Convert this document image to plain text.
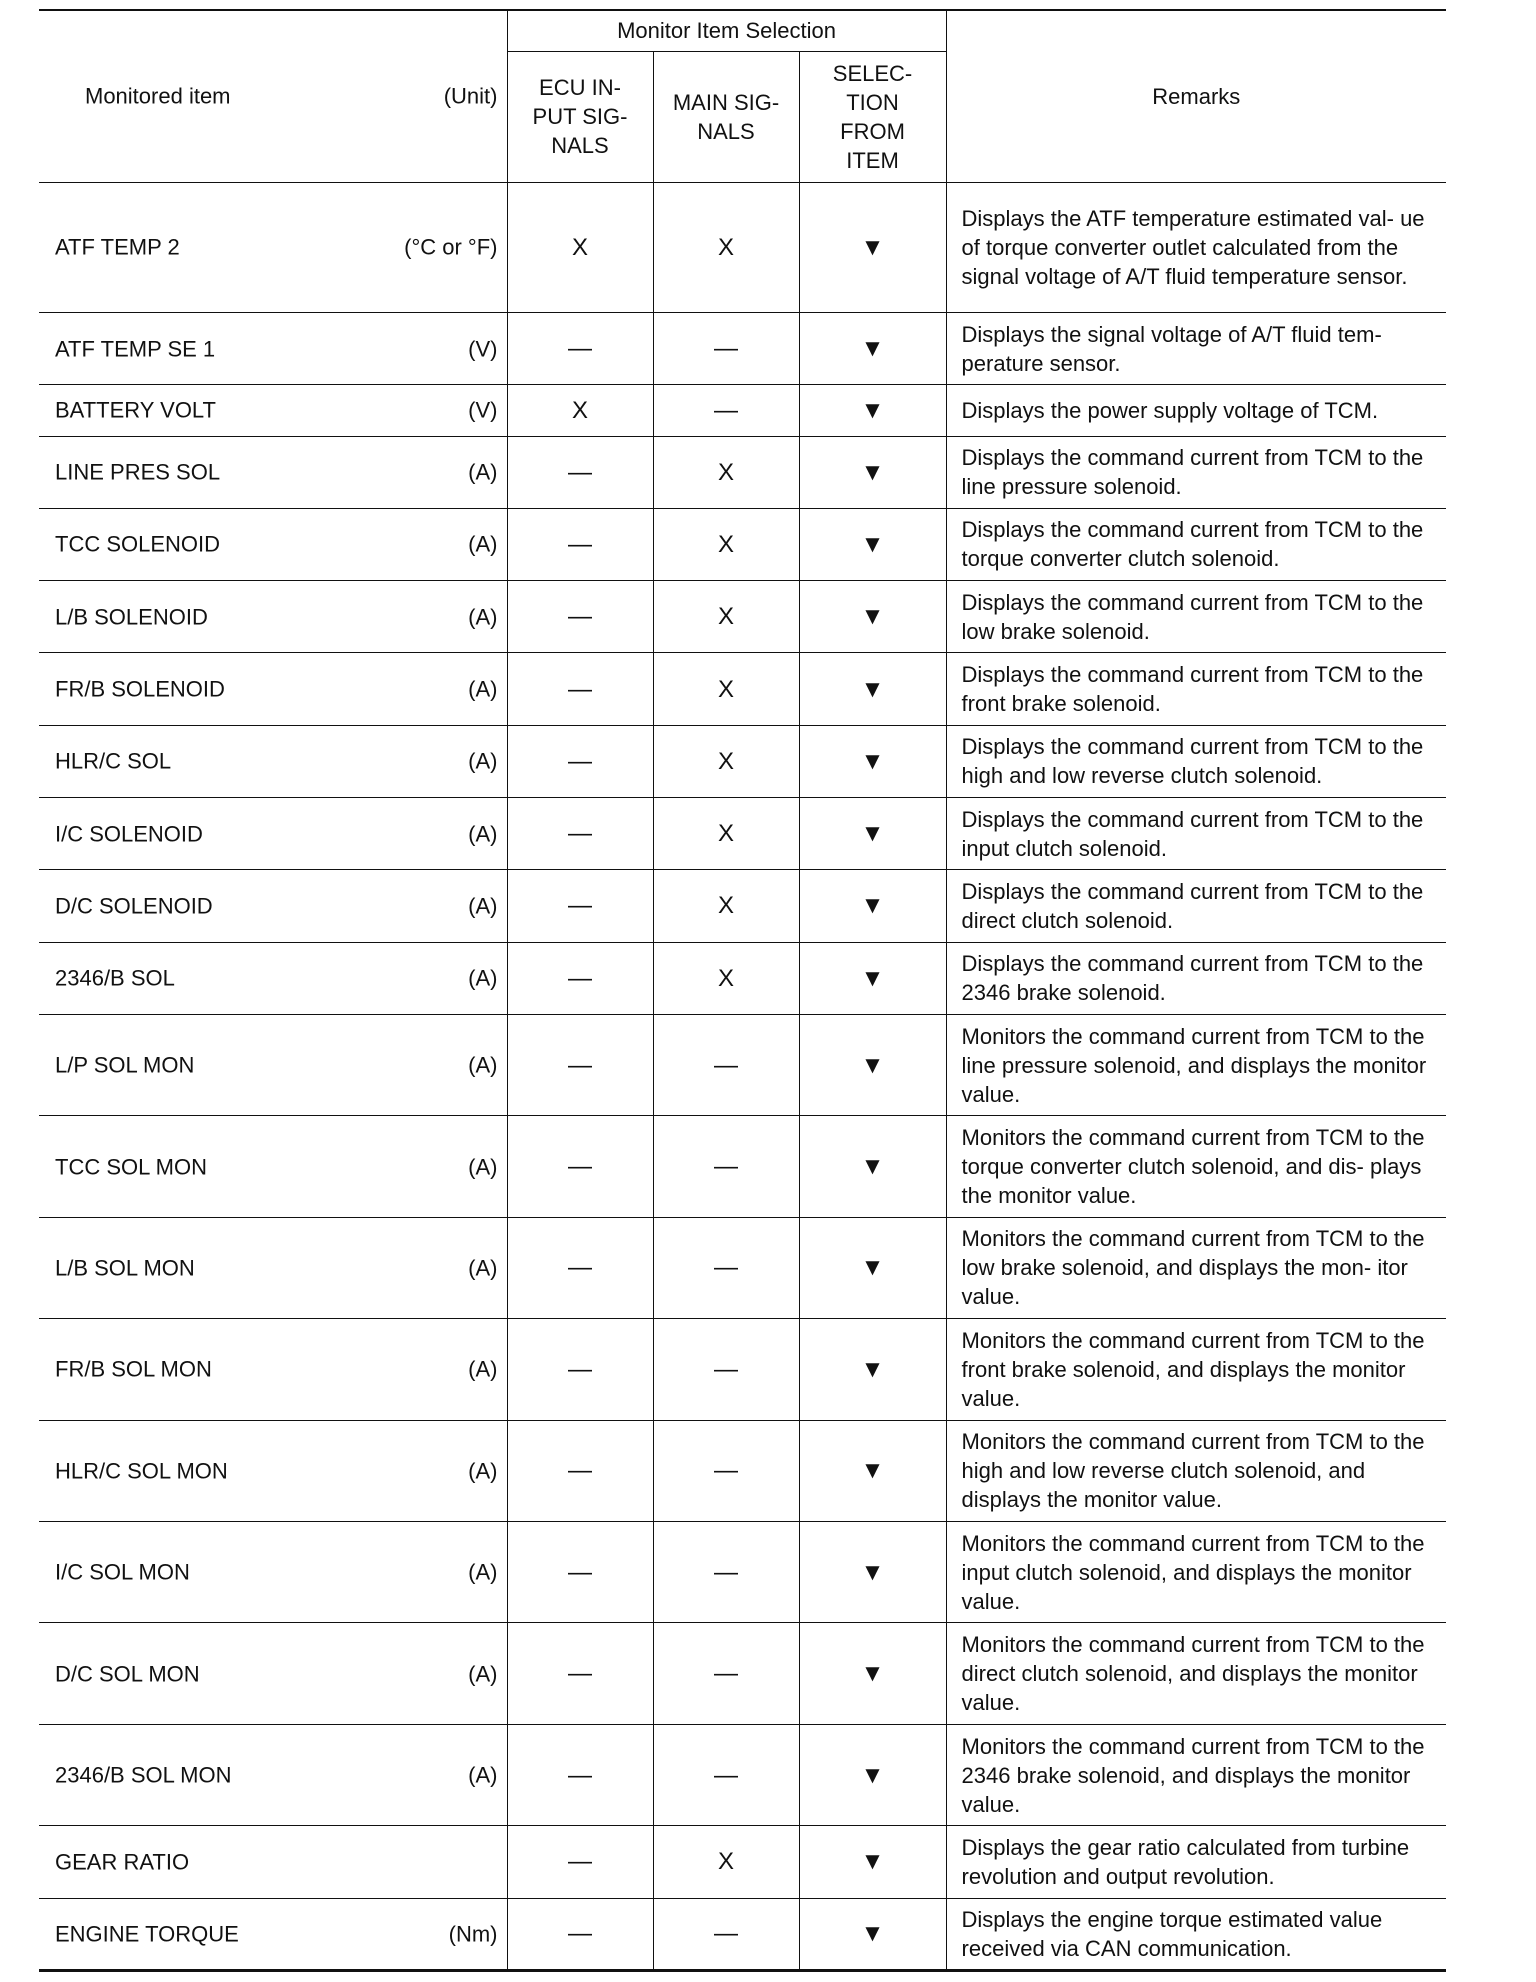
Monitored item (Unit)	Monitor Item Selection			Remarks

	ECU IN- PUT SIG- NALS	MAIN SIG- NALS	SELEC- TION FROM ITEM	

ATF TEMP 2 (°C or °F)	X	X	▼	Displays the ATF temperature estimated val- ue of torque converter outlet calculated from the signal voltage of A/T fluid temperature sensor.

ATF TEMP SE 1 (V)	—	—	▼	Displays the signal voltage of A/T fluid tem- perature sensor.

BATTERY VOLT (V)	X	—	▼	Displays the power supply voltage of TCM.

LINE PRES SOL (A)	—	X	▼	Displays the command current from TCM to the line pressure solenoid.

TCC SOLENOID (A)	—	X	▼	Displays the command current from TCM to the torque converter clutch solenoid.

L/B SOLENOID (A)	—	X	▼	Displays the command current from TCM to the low brake solenoid.

FR/B SOLENOID (A)	—	X	▼	Displays the command current from TCM to the front brake solenoid.

HLR/C SOL (A)	—	X	▼	Displays the command current from TCM to the high and low reverse clutch solenoid.

I/C SOLENOID (A)	—	X	▼	Displays the command current from TCM to the input clutch solenoid.

D/C SOLENOID (A)	—	X	▼	Displays the command current from TCM to the direct clutch solenoid.

2346/B SOL (A)	—	X	▼	Displays the command current from TCM to the 2346 brake solenoid.

L/P SOL MON (A)	—	—	▼	Monitors the command current from TCM to the line pressure solenoid, and displays the monitor value.

TCC SOL MON (A)	—	—	▼	Monitors the command current from TCM to the torque converter clutch solenoid, and dis- plays the monitor value.

L/B SOL MON (A)	—	—	▼	Monitors the command current from TCM to the low brake solenoid, and displays the mon- itor value.

FR/B SOL MON (A)	—	—	▼	Monitors the command current from TCM to the front brake solenoid, and displays the monitor value.

HLR/C SOL MON (A)	—	—	▼	Monitors the command current from TCM to the high and low reverse clutch solenoid, and displays the monitor value.

I/C SOL MON (A)	—	—	▼	Monitors the command current from TCM to the input clutch solenoid, and displays the monitor value.

D/C SOL MON (A)	—	—	▼	Monitors the command current from TCM to the direct clutch solenoid, and displays the monitor value.

2346/B SOL MON (A)	—	—	▼	Monitors the command current from TCM to the 2346 brake solenoid, and displays the monitor value.

GEAR RATIO	—	X	▼	Displays the gear ratio calculated from turbine revolution and output revolution.

ENGINE TORQUE (Nm)	—	—	▼	Displays the engine torque estimated value received via CAN communication.
